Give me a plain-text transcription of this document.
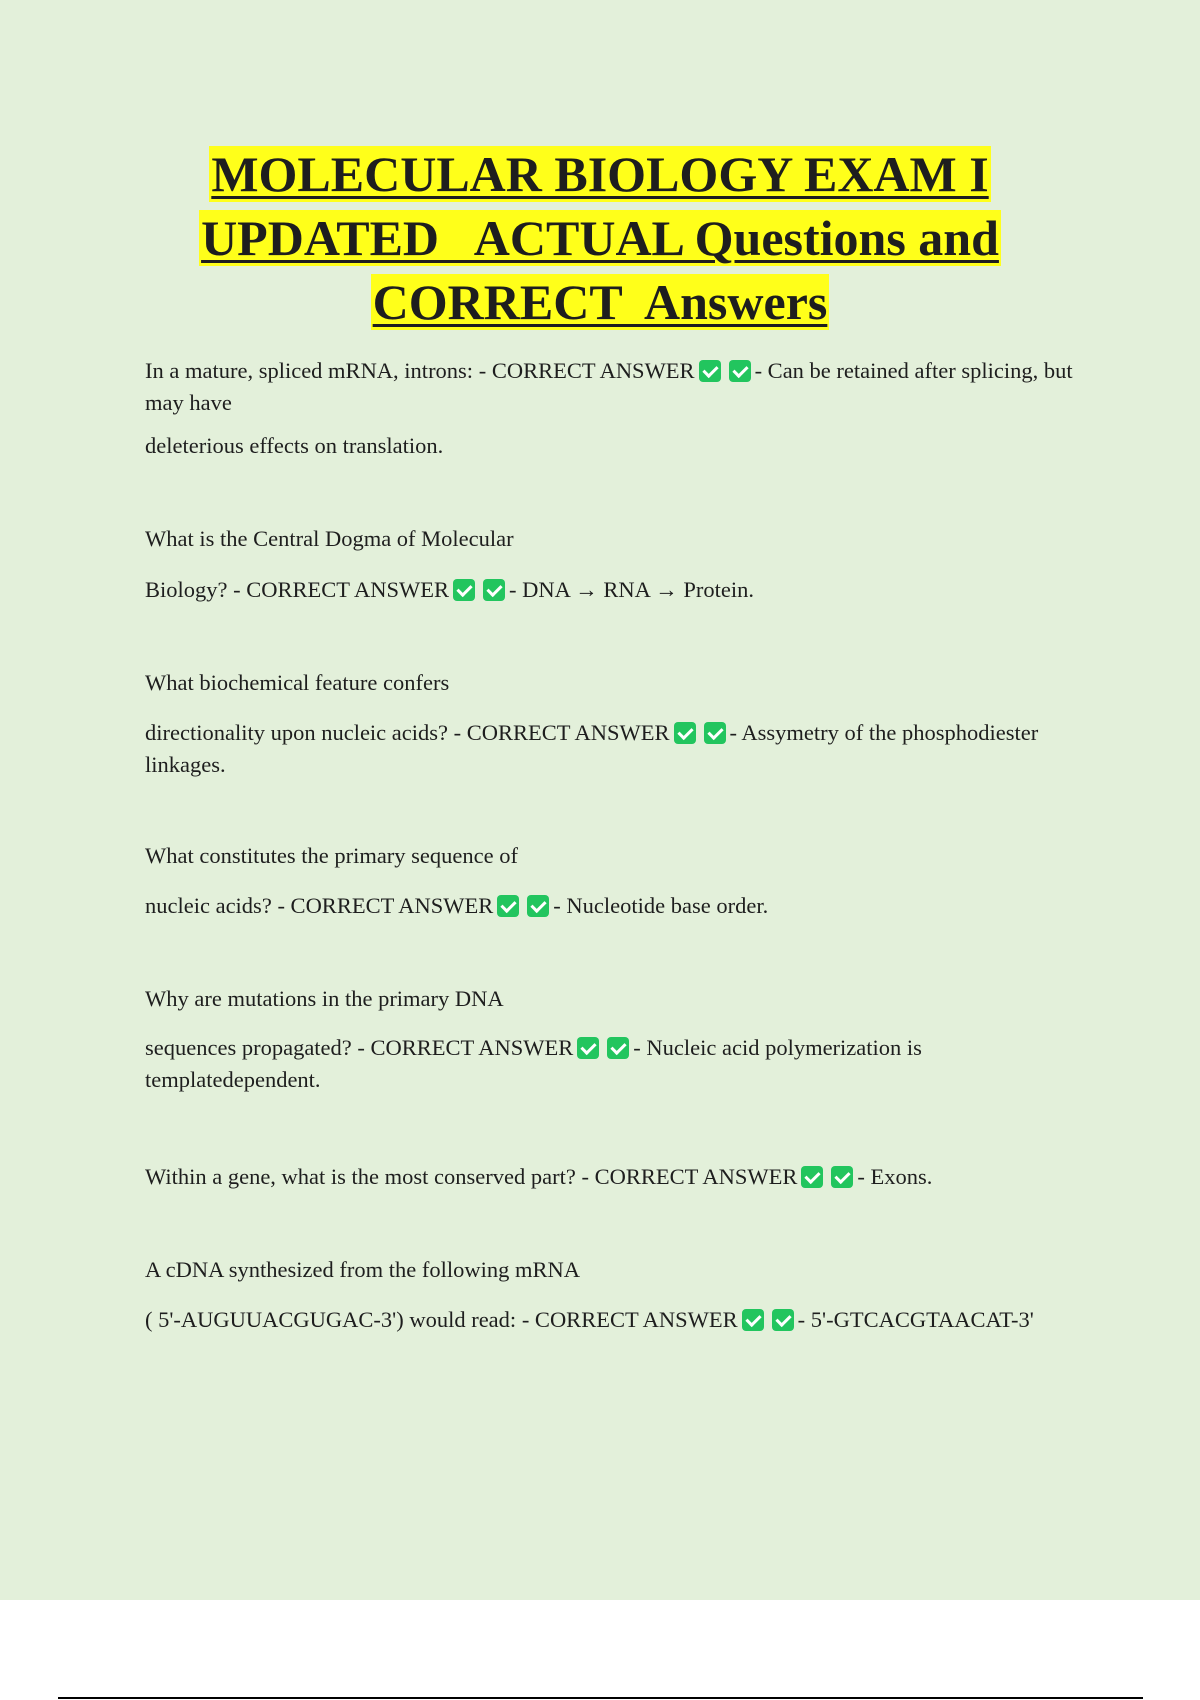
MOLECULAR BIOLOGY EXAM I
UPDATED   ACTUAL Questions and
CORRECT  Answers

In a mature, spliced mRNA, introns: - CORRECT ANSWER	- Can be retained after splicing, but may have

deleterious effects on translation.

What is the Central Dogma of Molecular

Biology? - CORRECT ANSWER	- DNA → RNA → Protein.

What biochemical feature confers

directionality upon nucleic acids? - CORRECT ANSWER	- Assymetry of the phosphodiester linkages.

What constitutes the primary sequence of

nucleic acids? - CORRECT ANSWER	- Nucleotide base order.

Why are mutations in the primary DNA

sequences propagated? - CORRECT ANSWER	- Nucleic acid polymerization is templatedependent.

Within a gene, what is the most conserved part? - CORRECT ANSWER	- Exons.

A cDNA synthesized from the following mRNA

( 5'-AUGUUACGUGAC-3') would read: - CORRECT ANSWER	- 5'-GTCACGTAACAT-3'
